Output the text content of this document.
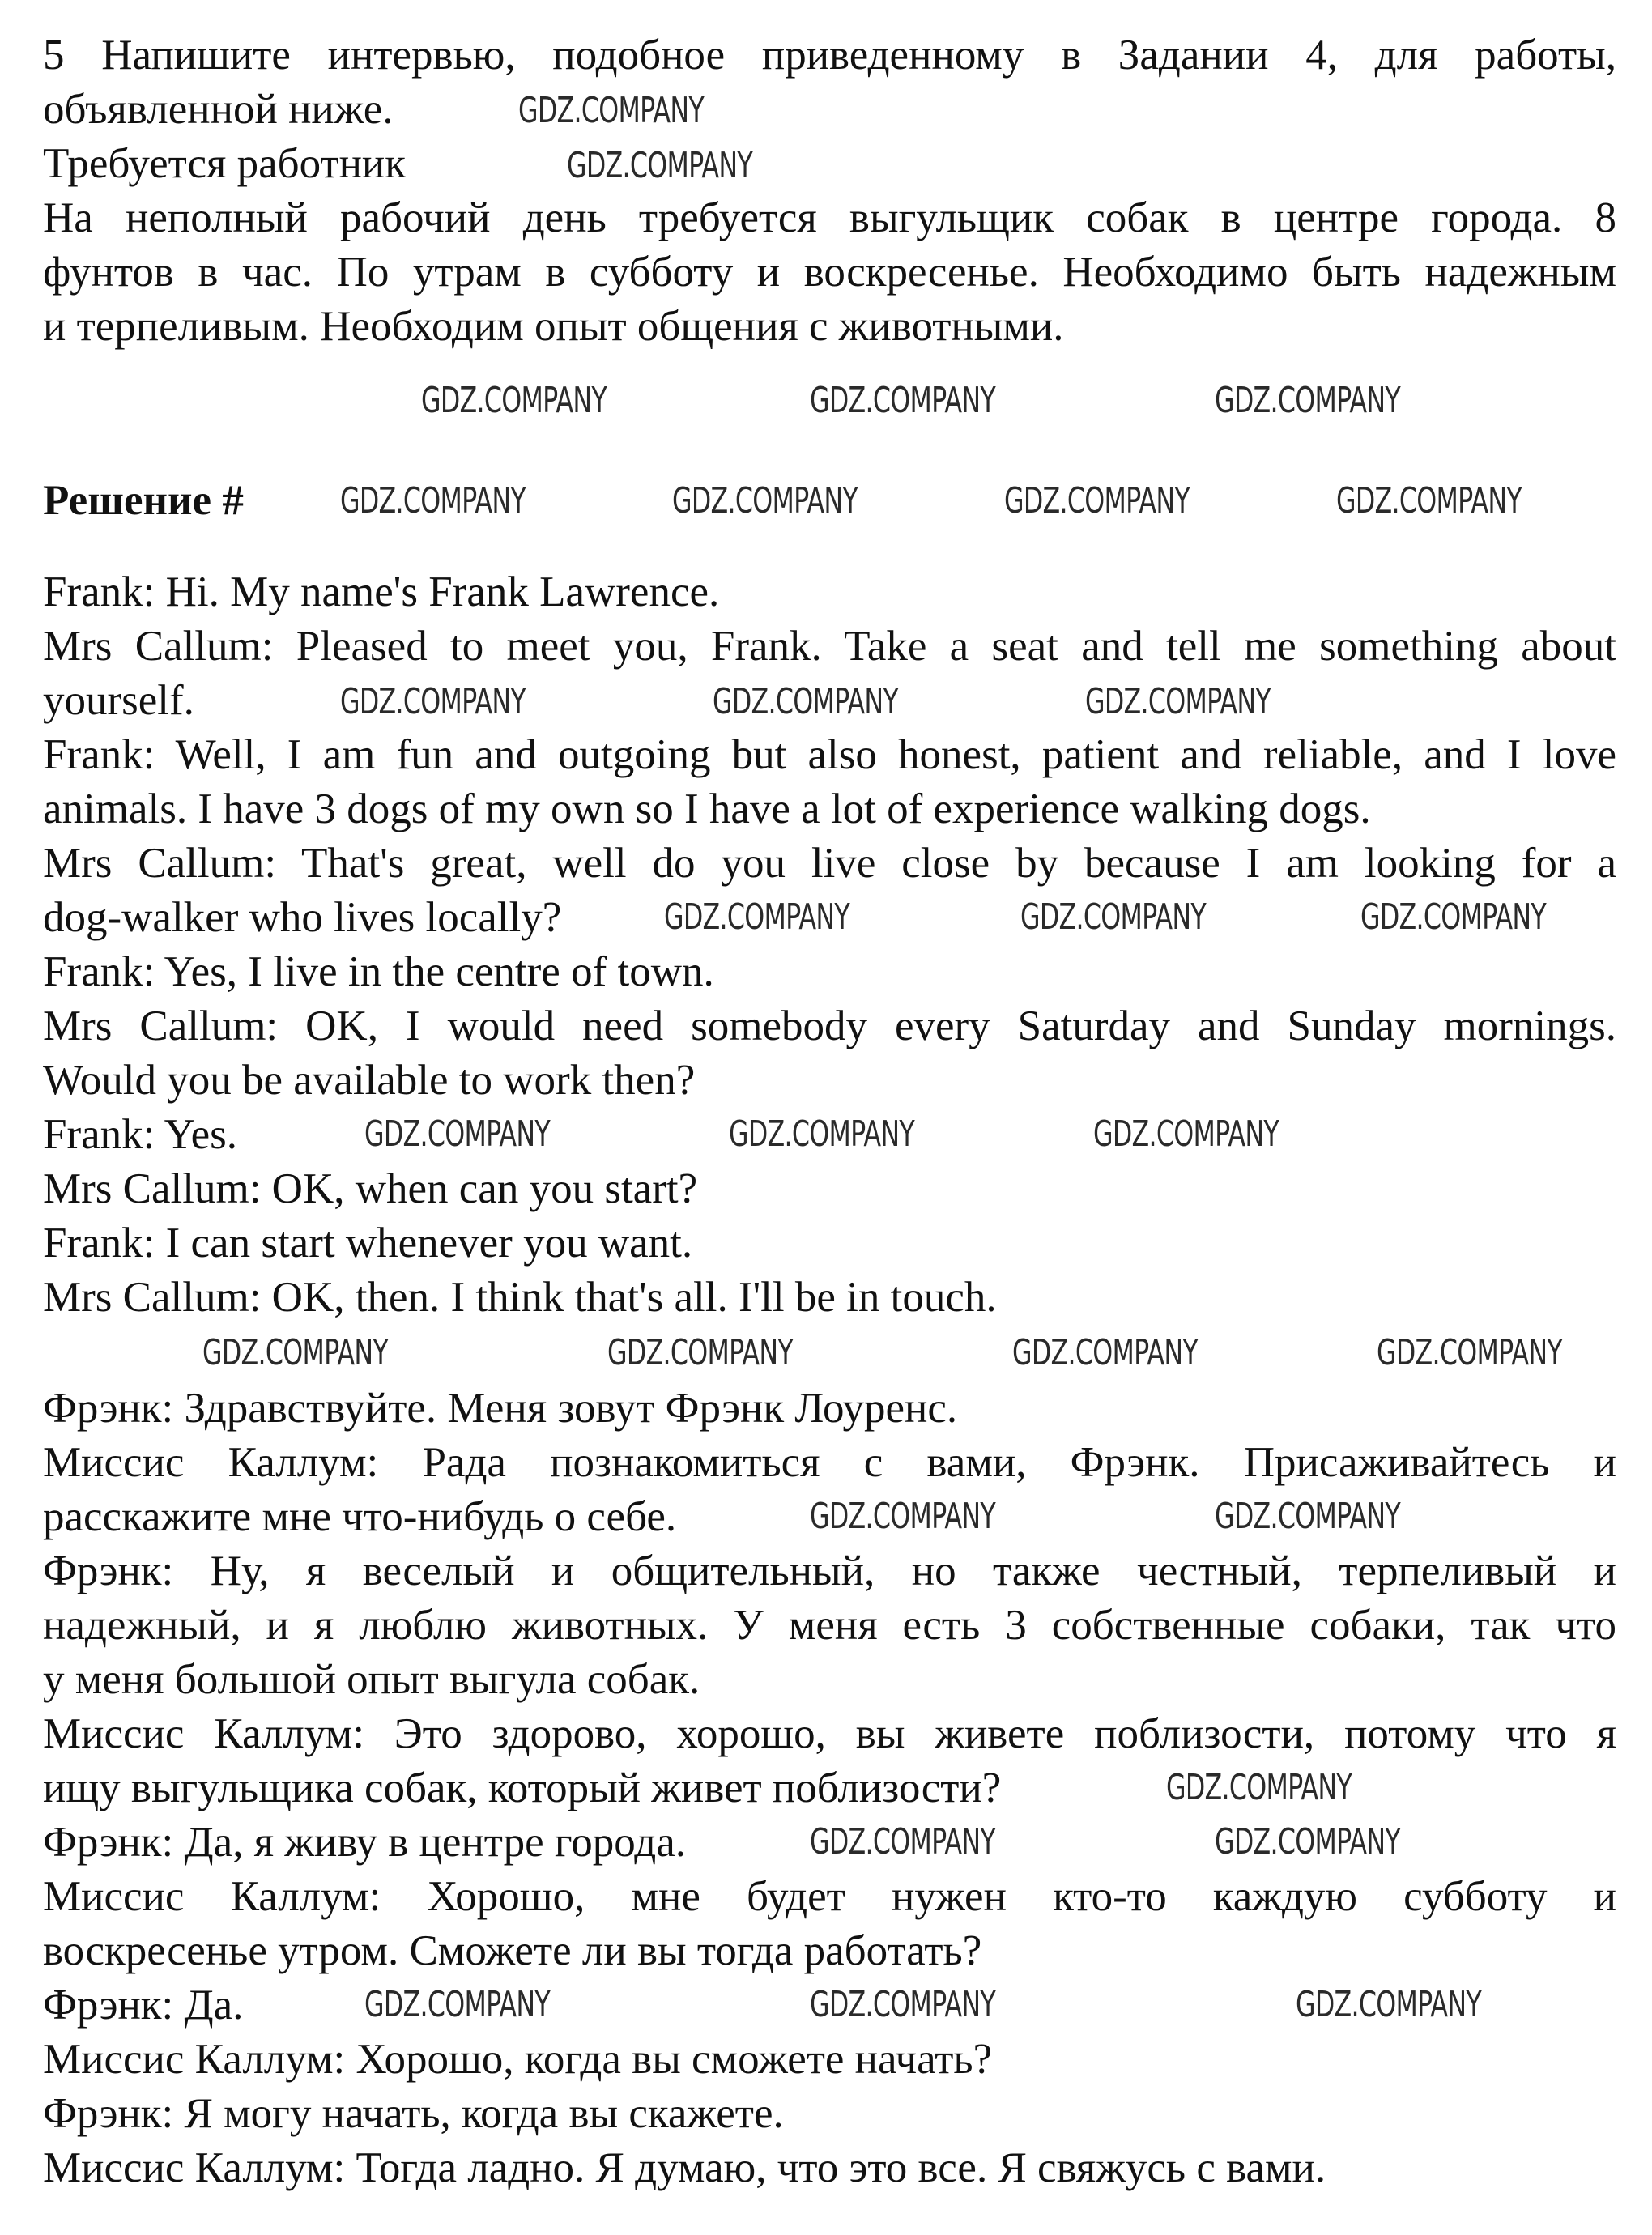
Решение #
5 Напишите интервью, подобное приведенному в Задании 4, для работы,
объявленной ниже.
Требуется работник
На неполный рабочий день требуется выгульщик собак в центре города. 8
фунтов в час. По утрам в субботу и воскресенье. Необходимо быть надежным
и терпеливым. Необходим опыт общения с животными.
Frank: Hi. My name's Frank Lawrence.
Mrs Callum: Pleased to meet you, Frank. Take a seat and tell me something about
yourself.
Frank: Well, I am fun and outgoing but also honest, patient and reliable, and I love
animals. I have 3 dogs of my own so I have a lot of experience walking dogs.
Mrs Callum: That's great, well do you live close by because I am looking for a
dog-walker who lives locally?
Frank: Yes, I live in the centre of town.
Mrs Callum: OK, I would need somebody every Saturday and Sunday mornings.
Would you be available to work then?
Frank: Yes.
Mrs Callum: OK, when can you start?
Frank: I can start whenever you want.
Mrs Callum: OK, then. I think that's all. I'll be in touch.
Фрэнк: Здравствуйте. Меня зовут Фрэнк Лоуренс.
Миссис Каллум: Рада познакомиться с вами, Фрэнк. Присаживайтесь и
расскажите мне что-нибудь о себе.
Фрэнк: Ну, я веселый и общительный, но также честный, терпеливый и
надежный, и я люблю животных. У меня есть 3 собственные собаки, так что
у меня большой опыт выгула собак.
Миссис Каллум: Это здорово, хорошо, вы живете поблизости, потому что я
ищу выгульщика собак, который живет поблизости?
Фрэнк: Да, я живу в центре города.
Миссис Каллум: Хорошо, мне будет нужен кто-то каждую субботу и
воскресенье утром. Сможете ли вы тогда работать?
Фрэнк: Да.
Миссис Каллум: Хорошо, когда вы сможете начать?
Фрэнк: Я могу начать, когда вы скажете.
Миссис Каллум: Тогда ладно. Я думаю, что это все. Я свяжусь с вами.
GDZ.COMPANY
GDZ.COMPANY
GDZ.COMPANY	GDZ.COMPANY	GDZ.COMPANY
GDZ.COMPANY	GDZ.COMPANY	GDZ.COMPANY	GDZ.COMPANY
GDZ.COMPANY	GDZ.COMPANY	GDZ.COMPANY
GDZ.COMPANY	GDZ.COMPANY	GDZ.COMPANY
GDZ.COMPANY	GDZ.COMPANY	GDZ.COMPANY
GDZ.COMPANY	GDZ.COMPANY	GDZ.COMPANY	GDZ.COMPANY
GDZ.COMPANY	GDZ.COMPANY
GDZ.COMPANY
GDZ.COMPANY	GDZ.COMPANY
GDZ.COMPANY	GDZ.COMPANY	GDZ.COMPANY
